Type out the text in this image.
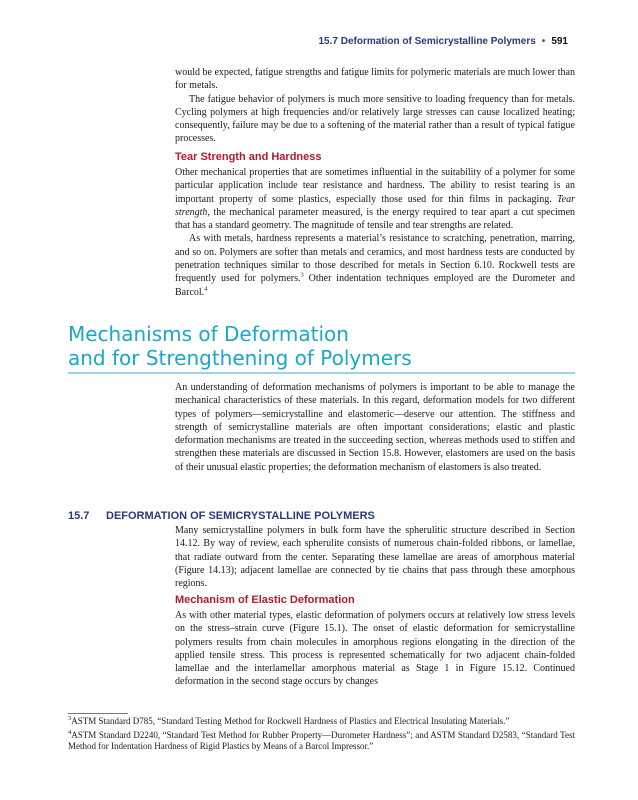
15.7 Deformation of Semicrystalline Polymers • 591

would be expected, fatigue strengths and fatigue limits for polymeric materials are much lower than for metals.

The fatigue behavior of polymers is much more sensitive to loading frequency than for metals. Cycling polymers at high frequencies and/or relatively large stresses can cause localized heating; consequently, failure may be due to a softening of the material rather than a result of typical fatigue processes.

Tear Strength and Hardness

Other mechanical properties that are sometimes influential in the suitability of a polymer for some particular application include tear resistance and hardness. The ability to resist tearing is an important property of some plastics, especially those used for thin films in packaging. Tear strength, the mechanical parameter measured, is the energy required to tear apart a cut specimen that has a standard geometry. The magnitude of tensile and tear strengths are related.

As with metals, hardness represents a material’s resistance to scratching, penetration, marring, and so on. Polymers are softer than metals and ceramics, and most hardness tests are conducted by penetration techniques similar to those described for metals in Section 6.10. Rockwell tests are frequently used for polymers.$^3$ Other indentation techniques employed are the Durometer and Barcol.$^4$

Mechanisms of Deformation
and for Strengthening of Polymers

An understanding of deformation mechanisms of polymers is important to be able to manage the mechanical characteristics of these materials. In this regard, deformation models for two different types of polymers—semicrystalline and elastomeric—deserve our attention. The stiffness and strength of semicrystalline materials are often important considerations; elastic and plastic deformation mechanisms are treated in the succeeding section, whereas methods used to stiffen and strengthen these materials are discussed in Section 15.8. However, elastomers are used on the basis of their unusual elastic properties; the deformation mechanism of elastomers is also treated.

15.7 DEFORMATION OF SEMICRYSTALLINE POLYMERS

Many semicrystalline polymers in bulk form have the spherulitic structure described in Section 14.12. By way of review, each spherulite consists of numerous chain-folded ribbons, or lamellae, that radiate outward from the center. Separating these lamellae are areas of amorphous material (Figure 14.13); adjacent lamellae are connected by tie chains that pass through these amorphous regions.

Mechanism of Elastic Deformation

As with other material types, elastic deformation of polymers occurs at relatively low stress levels on the stress–strain curve (Figure 15.1). The onset of elastic deformation for semicrystalline polymers results from chain molecules in amorphous regions elongating in the direction of the applied tensile stress. This process is represented schematically for two adjacent chain-folded lamellae and the interlamellar amorphous material as Stage 1 in Figure 15.12. Continued deformation in the second stage occurs by changes

$^3$ASTM Standard D785, “Standard Testing Method for Rockwell Hardness of Plastics and Electrical Insulating Materials.”

$^4$ASTM Standard D2240, “Standard Test Method for Rubber Property—Durometer Hardness”; and ASTM Standard D2583, “Standard Test Method for Indentation Hardness of Rigid Plastics by Means of a Barcol Impressor.”
